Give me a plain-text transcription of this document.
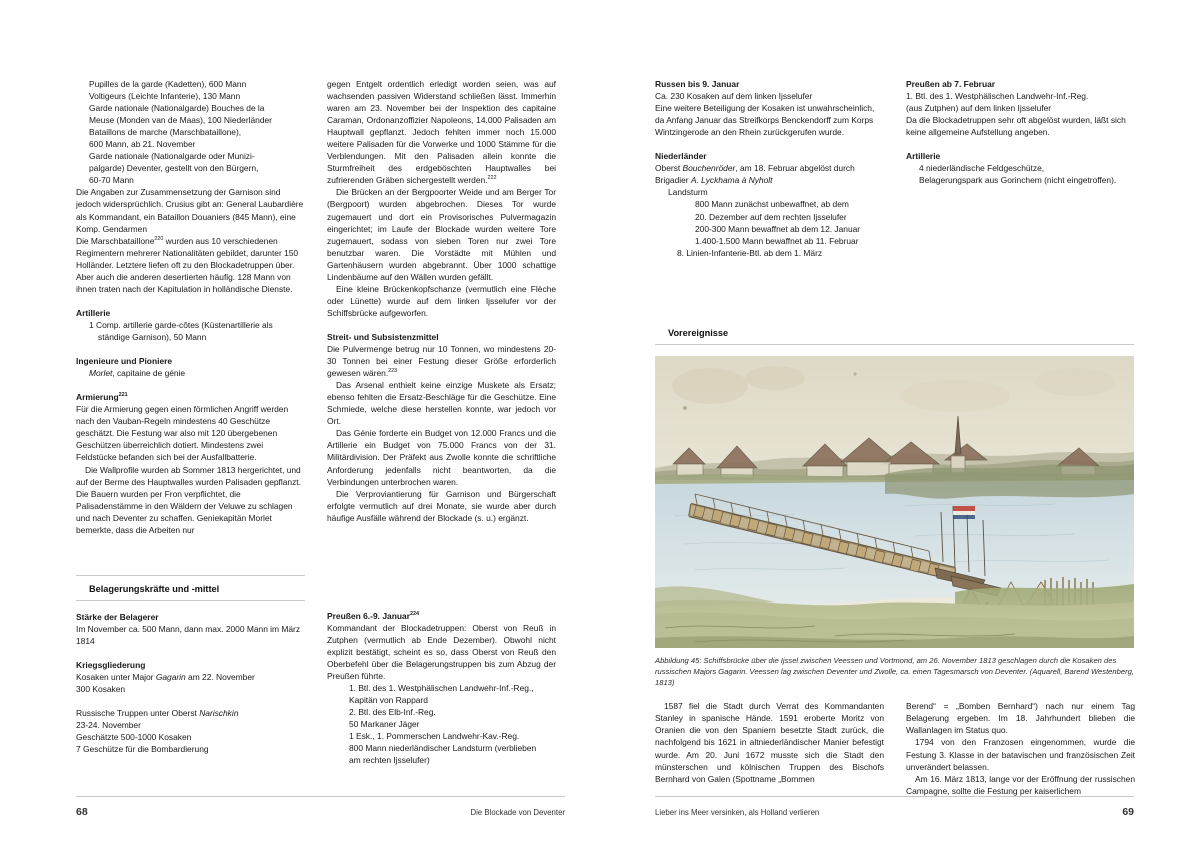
Pupilles de la garde (Kadetten), 600 Mann

Voltigeurs (Leichte Infanterie), 130 Mann

Garde nationale (Nationalgarde) Bouches de la

Meuse (Monden van de Maas), 100 Niederländer

Bataillons de marche (Marschbataillone),

600 Mann, ab 21. November

Garde nationale (Nationalgarde oder Munizi-

palgarde) Deventer, gestellt von den Bürgern,

60-70 Mann

Die Angaben zur Zusammensetzung der Garnison sind jedoch widersprüchlich. Crusius gibt an: General Laubardière als Kommandant, ein Bataillon Douaniers (845 Mann), eine Komp. Gendarmen

Die Marschbataillone$^{220}$ wurden aus 10 verschiedenen Regimentern mehrerer Nationalitäten gebildet, darunter 150 Holländer. Letztere liefen oft zu den Blockadetruppen über. Aber auch die anderen desertierten häufig. 128 Mann von ihnen traten nach der Kapitulation in holländische Dienste.

Artillerie

1 Comp. artillerie garde-côtes (Küstenartillerie als

ständige Garnison), 50 Mann

Ingenieure und Pioniere

Morlet, capitaine de génie

Armierung$^{221}$

Für die Armierung gegen einen förmlichen Angriff werden nach den Vauban-Regeln mindestens 40 Geschütze geschätzt. Die Festung war also mit 120 übergebenen Geschützen überreichlich dotiert. Mindestens zwei Feldstücke befanden sich bei der Ausfallbatterie.

Die Wallprofile wurden ab Sommer 1813 hergerichtet, und auf der Berme des Hauptwalles wurden Palisaden gepflanzt. Die Bauern wurden per Fron verpflichtet, die Palisadenstämme in den Wäldern der Veluwe zu schlagen und nach Deventer zu schaffen. Geniekapitän Morlet bemerkte, dass die Arbeiten nur

Belagerungskräfte und -mittel
Stärke der Belagerer

Im November ca. 500 Mann, dann max. 2000 Mann im März 1814

Kriegsgliederung

Kosaken unter Major Gagarin am 22. November

300 Kosaken

Russische Truppen unter Oberst Narischkin

23-24. November

Geschätzte 500-1000 Kosaken

7 Geschütze für die Bombardierung

gegen Entgelt ordentlich erledigt worden seien, was auf wachsenden passiven Widerstand schließen lässt. Immerhin waren am 23. November bei der Inspektion des capitaine Caraman, Ordonanzoffizier Napoleons, 14.000 Palisaden am Hauptwall gepflanzt. Jedoch fehlten immer noch 15.000 weitere Palisaden für die Vorwerke und 1000 Stämme für die Verblendungen. Mit den Palisaden allein konnte die Sturmfreiheit des erdgeböschten Hauptwalles bei zufrierenden Gräben sichergestellt werden.$^{222}$

Die Brücken an der Bergpoorter Weide und am Berger Tor (Bergpoort) wurden abgebrochen. Dieses Tor wurde zugemauert und dort ein Provisorisches Pulvermagazin eingerichtet; im Laufe der Blockade wurden weitere Tore zugemauert, sodass von sieben Toren nur zwei Tore benutzbar waren. Die Vorstädte mit Mühlen und Gartenhäusern wurden abgebrannt. Über 1000 schattige Lindenbäume auf den Wällen wurden gefällt.

Eine kleine Brückenkopfschanze (vermutlich eine Flèche oder Lünette) wurde auf dem linken Ijsselufer vor der Schiffsbrücke aufgeworfen.

Streit- und Subsistenzmittel

Die Pulvermenge betrug nur 10 Tonnen, wo mindestens 20-30 Tonnen bei einer Festung dieser Größe erforderlich gewesen wären.$^{223}$

Das Arsenal enthielt keine einzige Muskete als Ersatz; ebenso fehlten die Ersatz-Beschläge für die Geschütze. Eine Schmiede, welche diese herstellen konnte, war jedoch vor Ort.

Das Génie forderte ein Budget von 12.000 Francs und die Artillerie ein Budget von 75.000 Francs von der 31. Militärdivision. Der Präfekt aus Zwolle konnte die schriftliche Anforderung jedenfalls nicht beantworten, da die Verbindungen unterbrochen waren.

Die Verproviantierung für Garnison und Bürgerschaft erfolgte vermutlich auf drei Monate, sie wurde aber durch häufige Ausfälle während der Blockade (s. u.) ergänzt.

Preußen 6.-9. Januar$^{224}$

Kommandant der Blockadetruppen: Oberst von Reuß in Zutphen (vermutlich ab Ende Dezember). Obwohl nicht explizit bestätigt, scheint es so, dass Oberst von Reuß den Oberbefehl über die Belagerungstruppen bis zum Abzug der Preußen führte.

1. Btl. des 1. Westphälischen Landwehr-Inf.-Reg.,

Kapitän von Rappard

2. Btl. des Elb-Inf.-Reg.

50 Markaner Jäger

1 Esk., 1. Pommerschen Landwehr-Kav.-Reg.

800 Mann niederländischer Landsturm (verblieben

am rechten Ijsselufer)

68	Die Blockade von Deventer
Russen bis 9. Januar

Ca. 230 Kosaken auf dem linken Ijsselufer

Eine weitere Beteiligung der Kosaken ist unwahrscheinlich, da Anfang Januar das Streifkorps Benckendorff zum Korps Wintzingerode an den Rhein zurückgerufen wurde.

Niederländer

Oberst Bouchenröder, am 18. Februar abgelöst durch Brigadier A. Lyckhama à Nyholt

Landsturm

800 Mann zunächst unbewaffnet, ab dem

20. Dezember auf dem rechten Ijsselufer

200-300 Mann bewaffnet ab dem 12. Januar

1.400-1.500 Mann bewaffnet ab 11. Februar

8. Linien-Infanterie-Btl. ab dem 1. März

Preußen ab 7. Februar

1. Btl. des 1. Westphälischen Landwehr-Inf.-Reg.

(aus Zutphen) auf dem linken Ijsselufer

Da die Blockadetruppen sehr oft abgelöst wurden, läßt sich keine allgemeine Aufstellung angeben.

Artillerie

4 niederländische Feldgeschütze,

Belagerungspark aus Gorinchem (nicht eingetroffen).

Vorereignisse
Abbildung 45: Schiffsbrücke über die Ijssel zwischen Veessen und Vortmond, am 26. November 1813 geschlagen durch die Kosaken des russischen Majors Gagarin. Veessen lag zwischen Deventer und Zwolle, ca. einen Tagesmarsch von Deventer. (Aquarell, Barend Westenberg, 1813)

1587 fiel die Stadt durch Verrat des Kommandanten Stanley in spanische Hände. 1591 eroberte Moritz von Oranien die von den Spaniern besetzte Stadt zurück, die nachfolgend bis 1621 in altniederländischer Manier befestigt wurde. Am 20. Juni 1672 musste sich die Stadt den münsterschen und kölnischen Truppen des Bischofs Bernhard von Galen (Spottname „Bommen

Berend“ = „Bomben Bernhard“) nach nur einem Tag Belagerung ergeben. Im 18. Jahrhundert blieben die Wallanlagen im Status quo.

1794 von den Franzosen eingenommen, wurde die Festung 3. Klasse in der batavischen und französischen Zeit unverändert belassen.

Am 16. März 1813, lange vor der Eröffnung der russischen Campagne, sollte die Festung per kaiserlichem

Lieber ins Meer versinken, als Holland verlieren	69
